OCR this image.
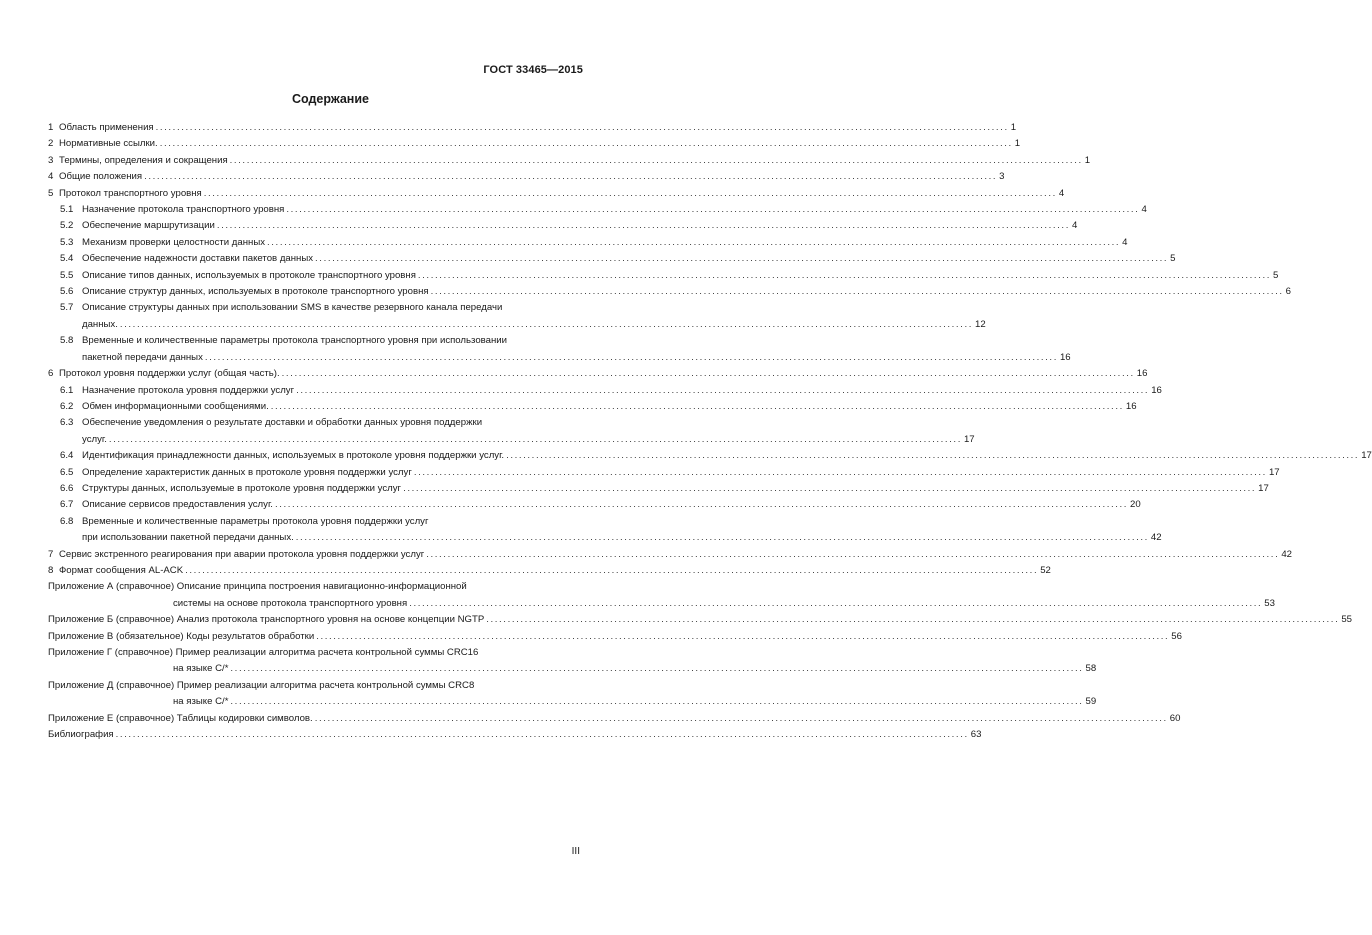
ГОСТ 33465—2015
Содержание
1 Область применения ........................................................................................................................................................................................................ 1
2 Нормативные ссылки. ........................................................................................................................................................................................................ 1
3 Термины, определения и сокращения ........................................................................................................................................................................................................ 1
4 Общие положения ........................................................................................................................................................................................................ 3
5 Протокол транспортного уровня ........................................................................................................................................................................................................ 4
5.1 Назначение протокола транспортного уровня ........................................................................................................................................................................................................ 4
5.2 Обеспечение маршрутизации ........................................................................................................................................................................................................ 4
5.3 Механизм проверки целостности данных ........................................................................................................................................................................................................ 4
5.4 Обеспечение надежности доставки пакетов данных ........................................................................................................................................................................................................ 5
5.5 Описание типов данных, используемых в протоколе транспортного уровня ........................................................................................................................................................................................................ 5
5.6 Описание структур данных, используемых в протоколе транспортного уровня ........................................................................................................................................................................................................ 6
5.7 Описание структуры данных при использовании SMS в качестве резервного канала передачи
данных. ........................................................................................................................................................................................................ 12
5.8 Временные и количественные параметры протокола транспортного уровня при использовании
пакетной передачи данных ........................................................................................................................................................................................................ 16
6 Протокол уровня поддержки услуг (общая часть). ........................................................................................................................................................................................................ 16
6.1 Назначение протокола уровня поддержки услуг ........................................................................................................................................................................................................ 16
6.2 Обмен информационными сообщениями. ........................................................................................................................................................................................................ 16
6.3 Обеспечение уведомления о результате доставки и обработки данных уровня поддержки
услуг. ........................................................................................................................................................................................................ 17
6.4 Идентификация принадлежности данных, используемых в протоколе уровня поддержки услуг. ........................................................................................................................................................................................................ 17
6.5 Определение характеристик данных в протоколе уровня поддержки услуг ........................................................................................................................................................................................................ 17
6.6 Структуры данных, используемые в протоколе уровня поддержки услуг ........................................................................................................................................................................................................ 17
6.7 Описание сервисов предоставления услуг. ........................................................................................................................................................................................................ 20
6.8 Временные и количественные параметры протокола уровня поддержки услуг
при использовании пакетной передачи данных. ........................................................................................................................................................................................................ 42
7 Сервис экстренного реагирования при аварии протокола уровня поддержки услуг ........................................................................................................................................................................................................ 42
8 Формат сообщения AL-ACK ........................................................................................................................................................................................................ 52
Приложение А (справочное) Описание принципа построения навигационно-информационной
системы на основе протокола транспортного уровня ........................................................................................................................................................................................................ 53
Приложение Б (справочное) Анализ протокола транспортного уровня на основе концепции NGTP ........................................................................................................................................................................................................ 55
Приложение В (обязательное) Коды результатов обработки ........................................................................................................................................................................................................ 56
Приложение Г (справочное) Пример реализации алгоритма расчета контрольной суммы CRC16
на языке С/* ........................................................................................................................................................................................................ 58
Приложение Д (справочное) Пример реализации алгоритма расчета контрольной суммы CRC8
на языке С/* ........................................................................................................................................................................................................ 59
Приложение Е (справочное) Таблицы кодировки символов. ........................................................................................................................................................................................................ 60
Библиография ........................................................................................................................................................................................................ 63
III
